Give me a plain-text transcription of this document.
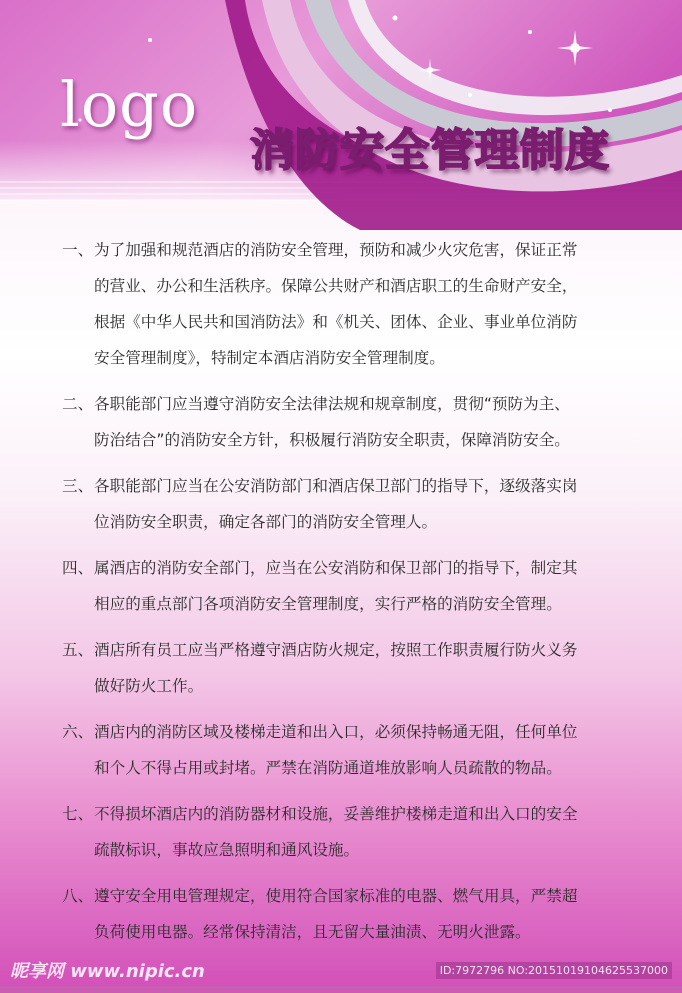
logo
消防安全管理制度
一、 为了加强和规范酒店的消防安全管理，预防和减少火灾危害，保证正常
的营业、办公和生活秩序。保障公共财产和酒店职工的生命财产安全，
根据《中华人民共和国消防法》和《机关、团体、企业、事业单位消防
安全管理制度》，特制定本酒店消防安全管理制度。
二、 各职能部门应当遵守消防安全法律法规和规章制度，贯彻“预防为主、
防治结合”的消防安全方针，积极履行消防安全职责，保障消防安全。
三、 各职能部门应当在公安消防部门和酒店保卫部门的指导下，逐级落实岗
位消防安全职责，确定各部门的消防安全管理人。
四、 属酒店的消防安全部门，应当在公安消防和保卫部门的指导下，制定其
相应的重点部门各项消防安全管理制度，实行严格的消防安全管理。
五、 酒店所有员工应当严格遵守酒店防火规定，按照工作职责履行防火义务
做好防火工作。
六、 酒店内的消防区域及楼梯走道和出入口，必须保持畅通无阻，任何单位
和个人不得占用或封堵。严禁在消防通道堆放影响人员疏散的物品。
七、 不得损坏酒店内的消防器材和设施，妥善维护楼梯走道和出入口的安全
疏散标识，事故应急照明和通风设施。
八、 遵守安全用电管理规定，使用符合国家标准的电器、燃气用具，严禁超
负荷使用电器。经常保持清洁，且无留大量油渍、无明火泄露。
昵享网 www.nipic.cn	ID:7972796 NO:20151019104625537000
